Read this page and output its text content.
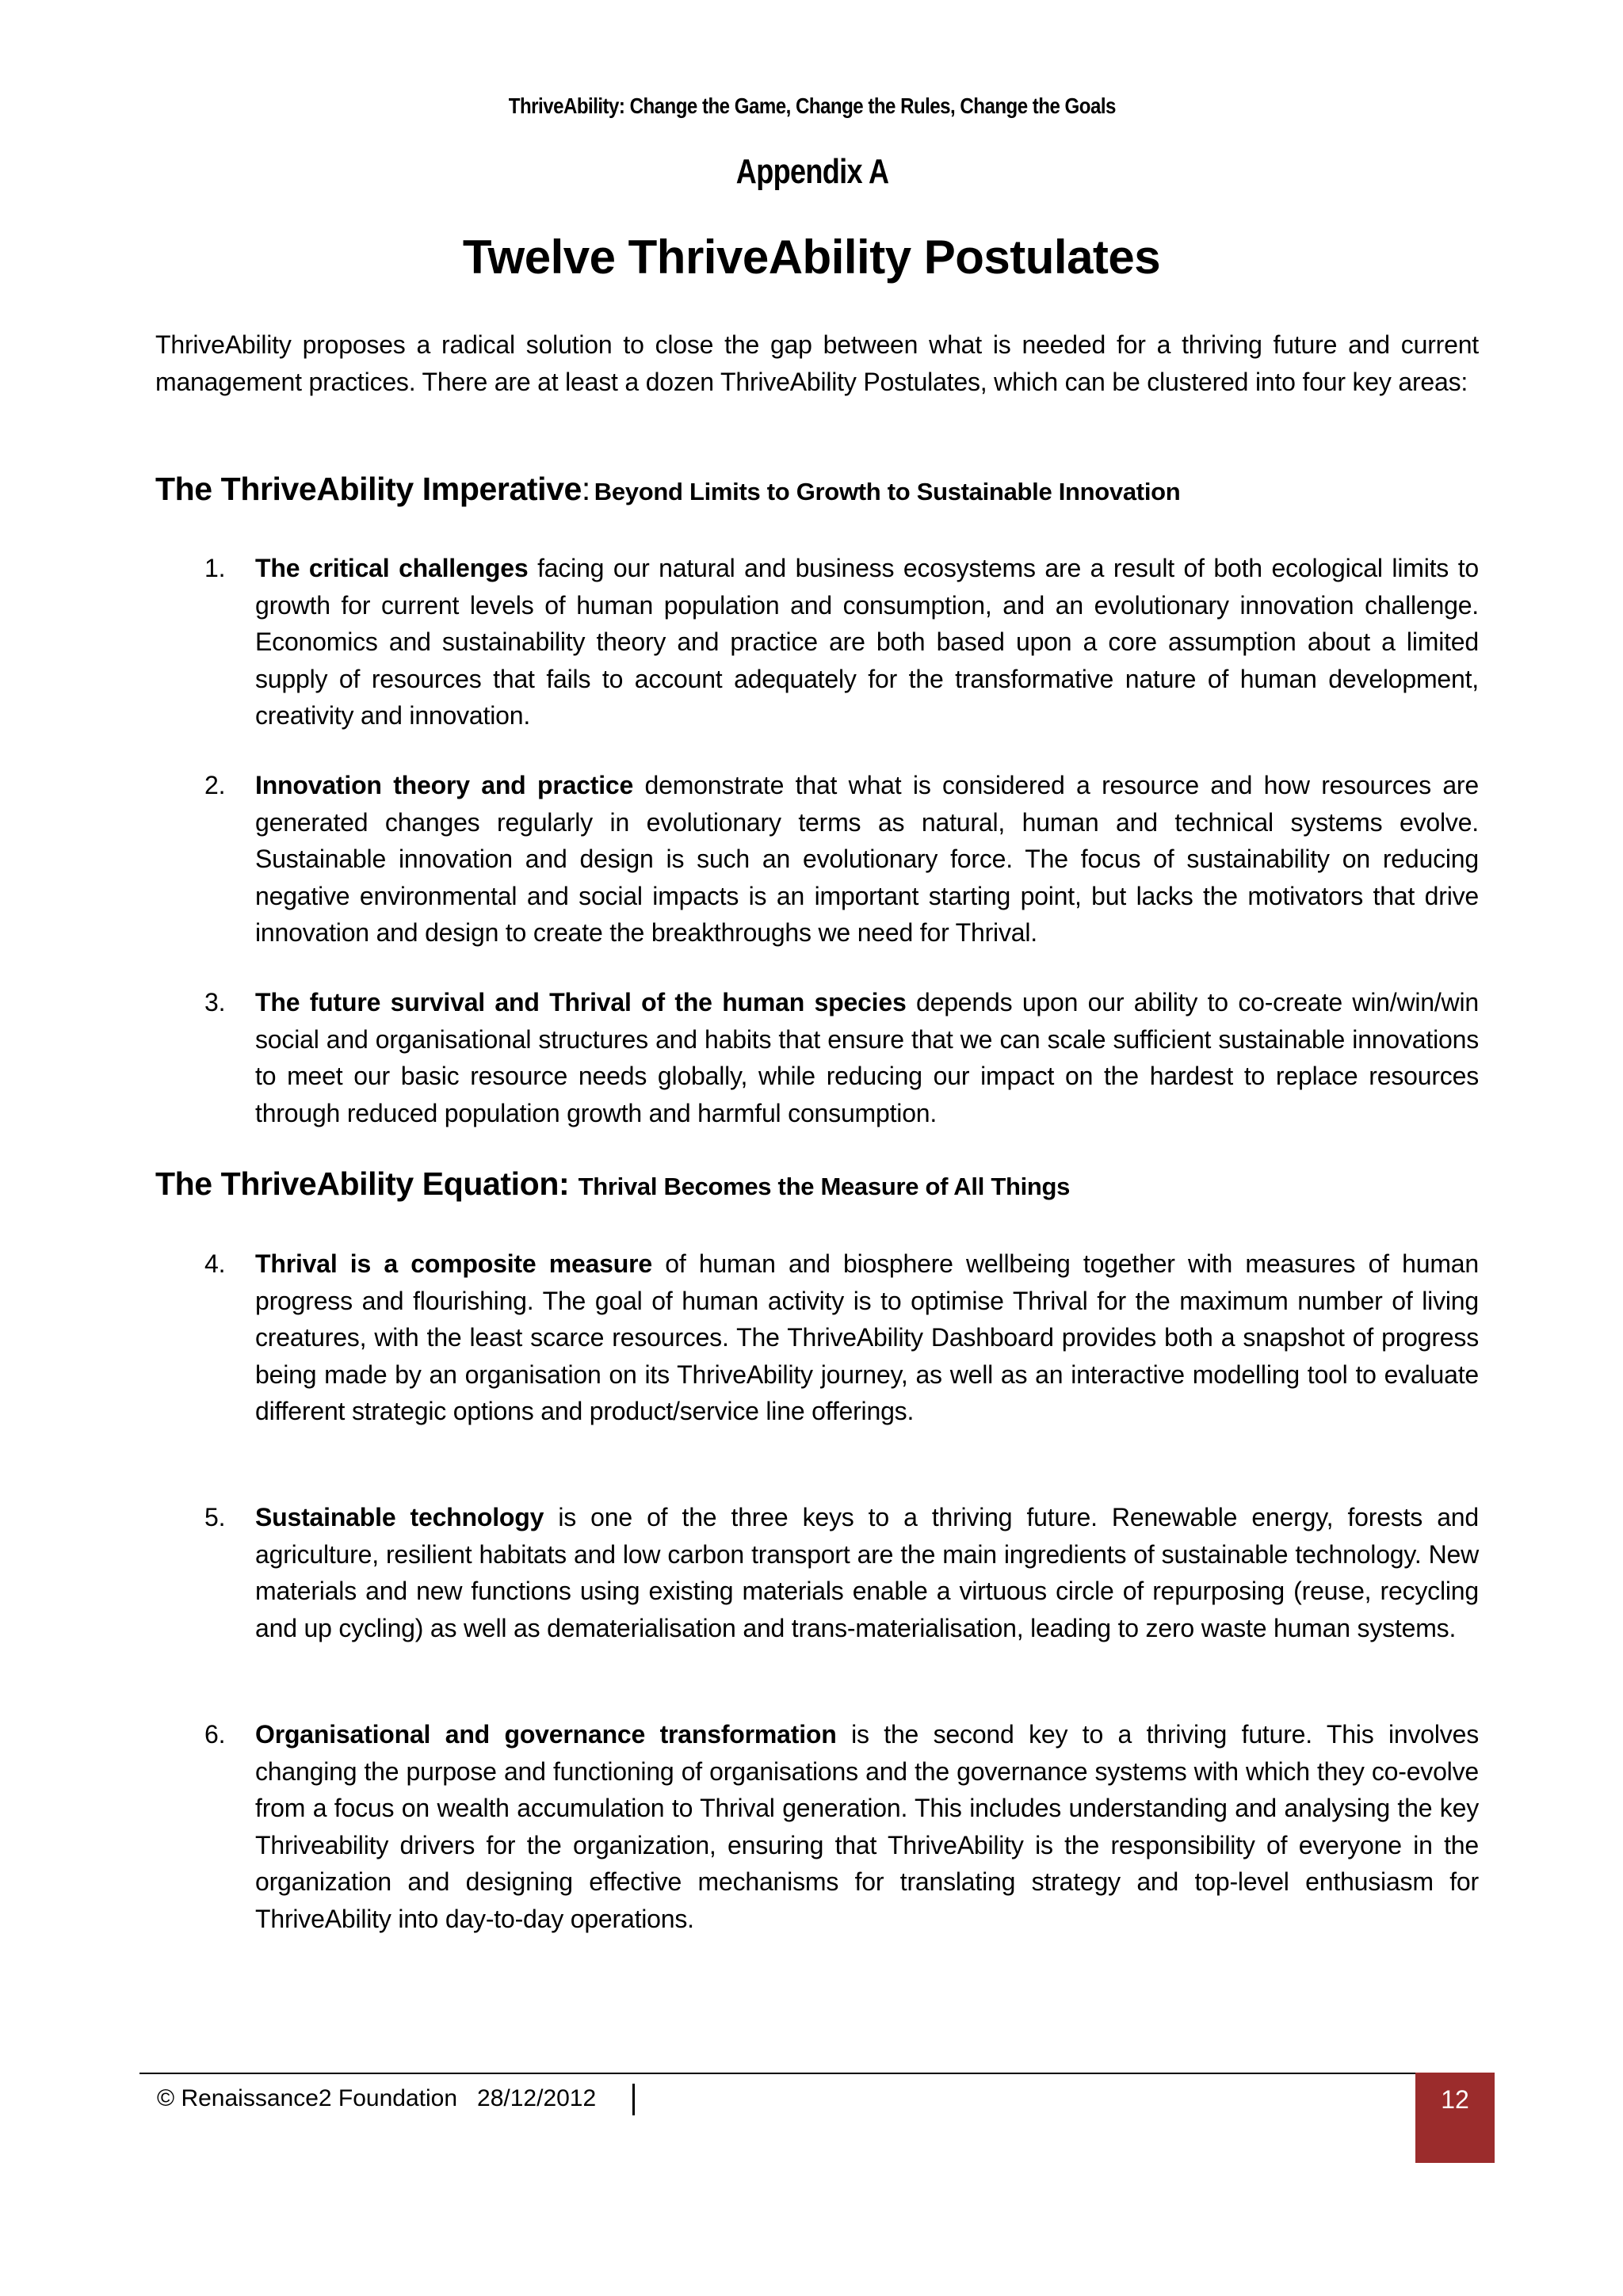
ThriveAbility: Change the Game, Change the Rules, Change the Goals
Appendix A
Twelve ThriveAbility Postulates
ThriveAbility proposes a radical solution to close the gap between what is needed for a thriving future and current management practices. There are at least a dozen ThriveAbility Postulates, which can be clustered into four key areas:
The ThriveAbility Imperative: Beyond Limits to Growth to Sustainable Innovation
1. The critical challenges facing our natural and business ecosystems are a result of both ecological limits to growth for current levels of human population and consumption, and an evolutionary innovation challenge. Economics and sustainability theory and practice are both based upon a core assumption about a limited supply of resources that fails to account adequately for the transformative nature of human development, creativity and innovation.
2. Innovation theory and practice demonstrate that what is considered a resource and how resources are generated changes regularly in evolutionary terms as natural, human and technical systems evolve. Sustainable innovation and design is such an evolutionary force. The focus of sustainability on reducing negative environmental and social impacts is an important starting point, but lacks the motivators that drive innovation and design to create the breakthroughs we need for Thrival.
3. The future survival and Thrival of the human species depends upon our ability to co-create win/win/win social and organisational structures and habits that ensure that we can scale sufficient sustainable innovations to meet our basic resource needs globally, while reducing our impact on the hardest to replace resources through reduced population growth and harmful consumption.
The ThriveAbility Equation: Thrival Becomes the Measure of All Things
4. Thrival is a composite measure of human and biosphere wellbeing together with measures of human progress and flourishing. The goal of human activity is to optimise Thrival for the maximum number of living creatures, with the least scarce resources. The ThriveAbility Dashboard provides both a snapshot of progress being made by an organisation on its ThriveAbility journey, as well as an interactive modelling tool to evaluate different strategic options and product/service line offerings.
5. Sustainable technology is one of the three keys to a thriving future. Renewable energy, forests and agriculture, resilient habitats and low carbon transport are the main ingredients of sustainable technology. New materials and new functions using existing materials enable a virtuous circle of repurposing (reuse, recycling and up cycling) as well as dematerialisation and trans-materialisation, leading to zero waste human systems.
6. Organisational and governance transformation is the second key to a thriving future. This involves changing the purpose and functioning of organisations and the governance systems with which they co-evolve from a focus on wealth accumulation to Thrival generation. This includes understanding and analysing the key Thriveability drivers for the organization, ensuring that ThriveAbility is the responsibility of everyone in the organization and designing effective mechanisms for translating strategy and top-level enthusiasm for ThriveAbility into day-to-day operations.
© Renaissance2 Foundation 28/12/2012	12
